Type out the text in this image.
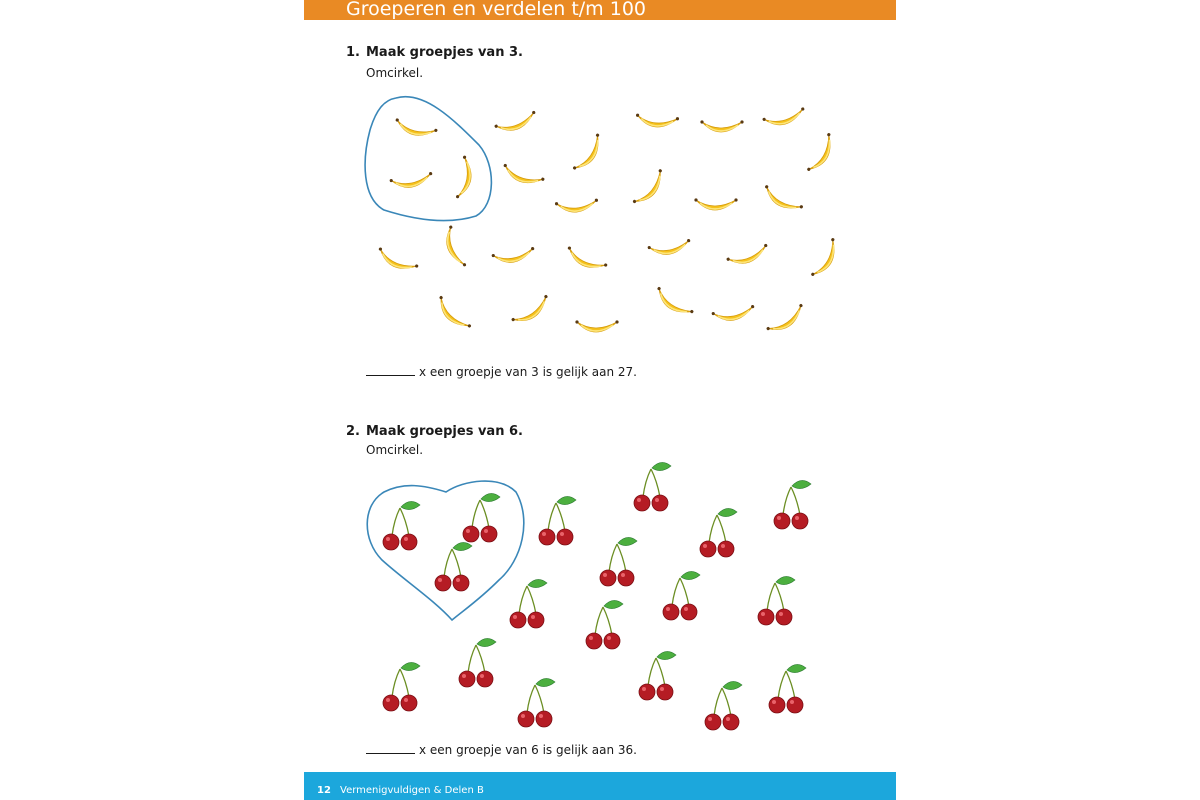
Groeperen en verdelen t/m 100
1. Maak groepjes van 3.
Omcirkel.
x een groepje van 3 is gelijk aan 27.
2. Maak groepjes van 6.
Omcirkel.
x een groepje van 6 is gelijk aan 36.
12 Vermenigvuldigen & Delen B
